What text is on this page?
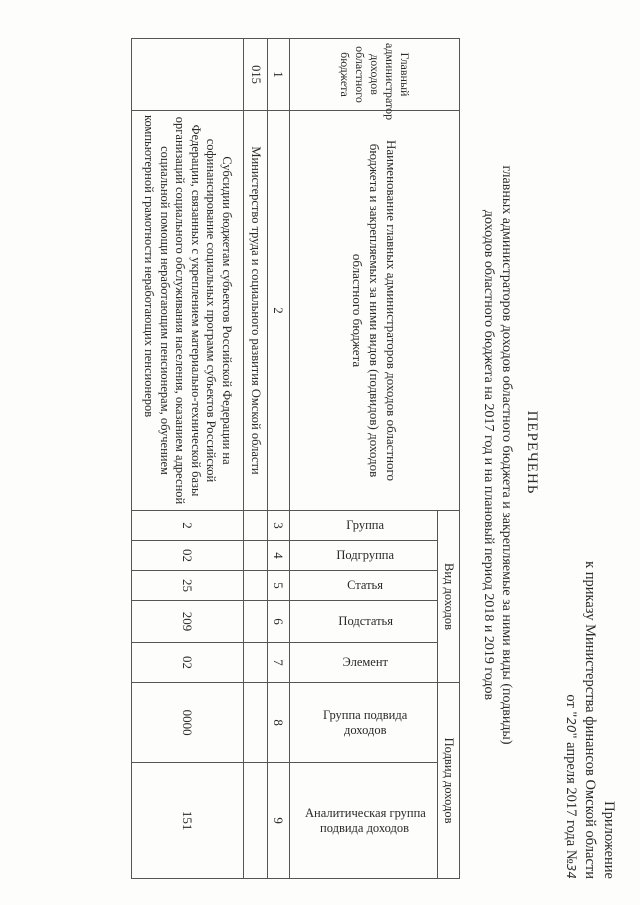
Приложение
к приказу Министерства финансов Омской области
от "20" апреля 2017 года №34
ПЕРЕЧЕНЬ
главных администраторов доходов областного бюджета и закрепляемые за ними виды (подвиды)
доходов областного бюджета на 2017 год и на плановый период 2018 и 2019 годов
Главный администратор доходов областного бюджета	Наименование главных администраторов доходов областного бюджета и закрепляемых за ними видов (подвидов) доходов областного бюджета	Вид доходов					Подвид доходов	
		Группа	Подгруппа	Статья	Подстатья	Элемент	Группа подвида доходов	Аналитическая группа подвида доходов
1	2	3	4	5	6	7	8	9
015	Министерство труда и социального развития Омской области							
	Субсидии бюджетам субъектов Российской Федерации на софинансирование социальных программ субъектов Российской Федерации, связанных с укреплением материально-технической базы организаций социального обслуживания населения, оказанием адресной социальной помощи неработающим пенсионерам, обучением компьютерной грамотности неработающих пенсионеров	2	02	25	209	02	0000	151
